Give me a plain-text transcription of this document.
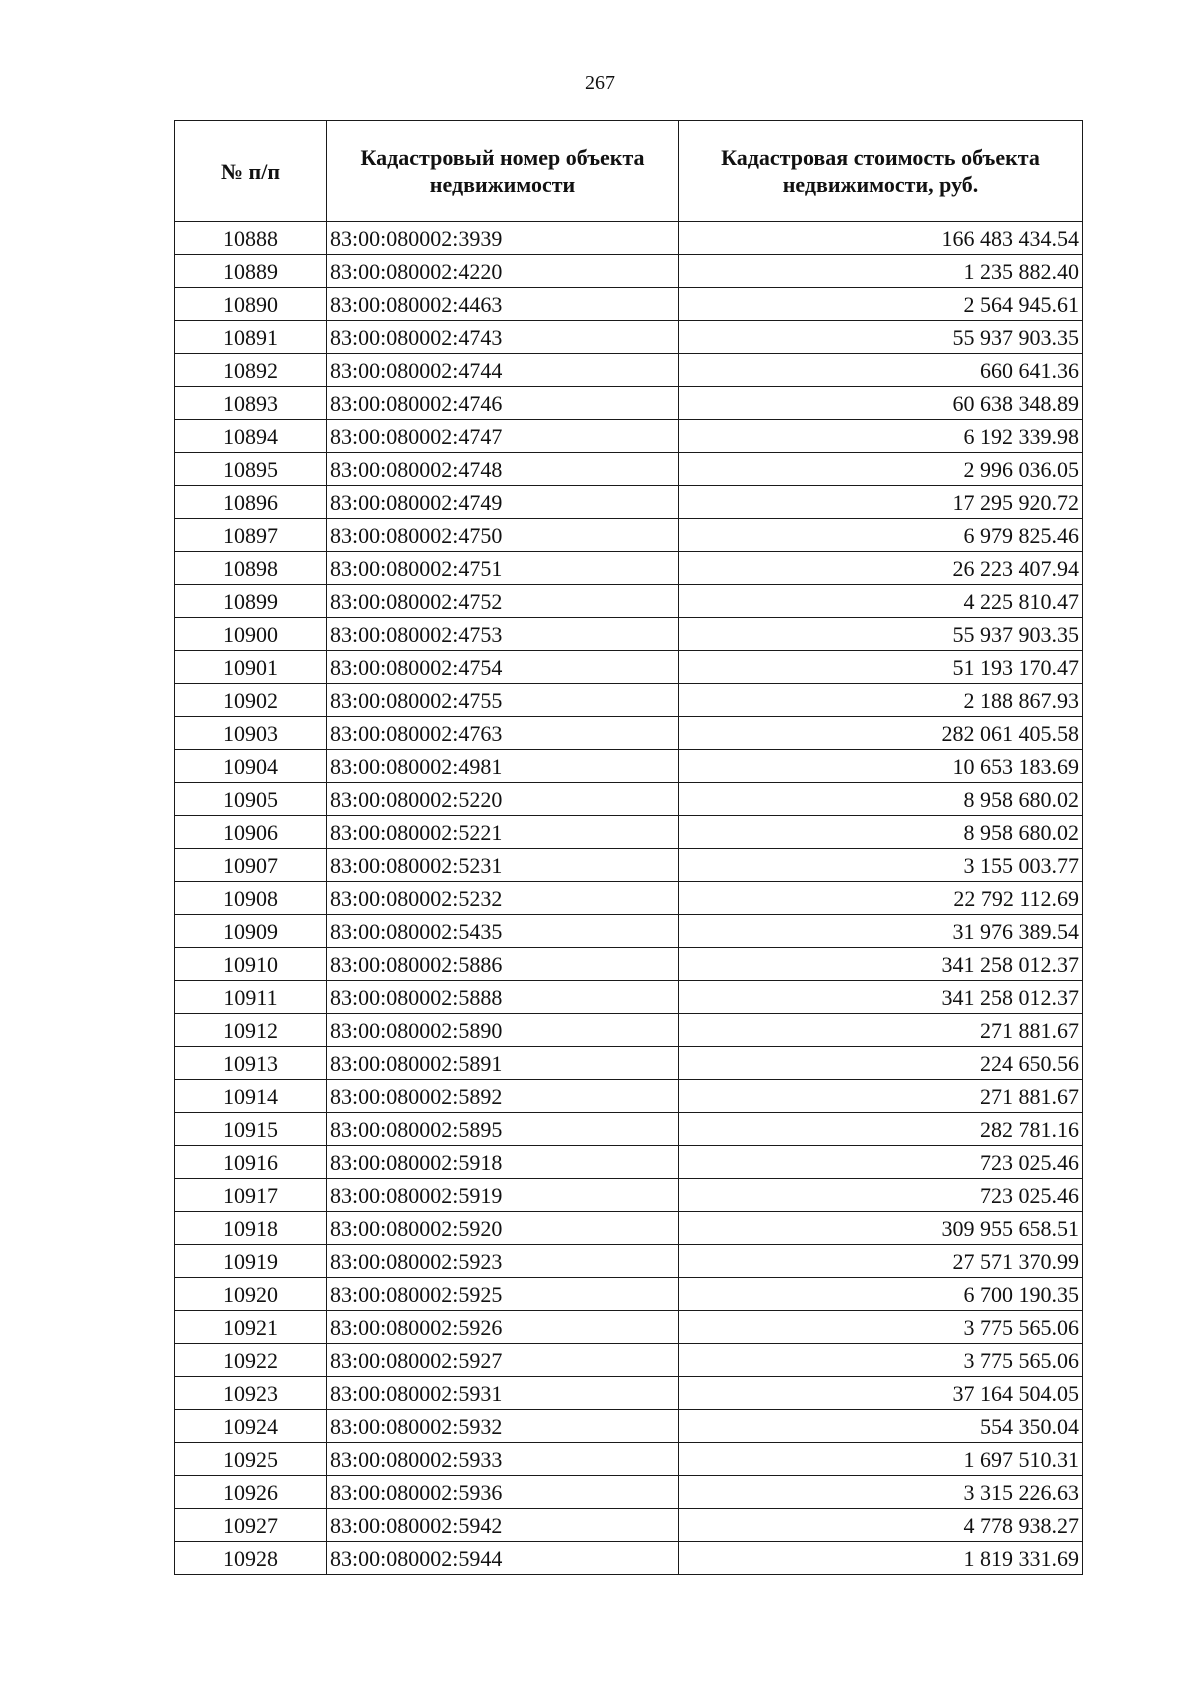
267
№ п/п	Кадастровый номер объекта недвижимости	Кадастровая стоимость объекта недвижимости, руб.
10888	83:00:080002:3939	166 483 434.54
10889	83:00:080002:4220	1 235 882.40
10890	83:00:080002:4463	2 564 945.61
10891	83:00:080002:4743	55 937 903.35
10892	83:00:080002:4744	660 641.36
10893	83:00:080002:4746	60 638 348.89
10894	83:00:080002:4747	6 192 339.98
10895	83:00:080002:4748	2 996 036.05
10896	83:00:080002:4749	17 295 920.72
10897	83:00:080002:4750	6 979 825.46
10898	83:00:080002:4751	26 223 407.94
10899	83:00:080002:4752	4 225 810.47
10900	83:00:080002:4753	55 937 903.35
10901	83:00:080002:4754	51 193 170.47
10902	83:00:080002:4755	2 188 867.93
10903	83:00:080002:4763	282 061 405.58
10904	83:00:080002:4981	10 653 183.69
10905	83:00:080002:5220	8 958 680.02
10906	83:00:080002:5221	8 958 680.02
10907	83:00:080002:5231	3 155 003.77
10908	83:00:080002:5232	22 792 112.69
10909	83:00:080002:5435	31 976 389.54
10910	83:00:080002:5886	341 258 012.37
10911	83:00:080002:5888	341 258 012.37
10912	83:00:080002:5890	271 881.67
10913	83:00:080002:5891	224 650.56
10914	83:00:080002:5892	271 881.67
10915	83:00:080002:5895	282 781.16
10916	83:00:080002:5918	723 025.46
10917	83:00:080002:5919	723 025.46
10918	83:00:080002:5920	309 955 658.51
10919	83:00:080002:5923	27 571 370.99
10920	83:00:080002:5925	6 700 190.35
10921	83:00:080002:5926	3 775 565.06
10922	83:00:080002:5927	3 775 565.06
10923	83:00:080002:5931	37 164 504.05
10924	83:00:080002:5932	554 350.04
10925	83:00:080002:5933	1 697 510.31
10926	83:00:080002:5936	3 315 226.63
10927	83:00:080002:5942	4 778 938.27
10928	83:00:080002:5944	1 819 331.69
